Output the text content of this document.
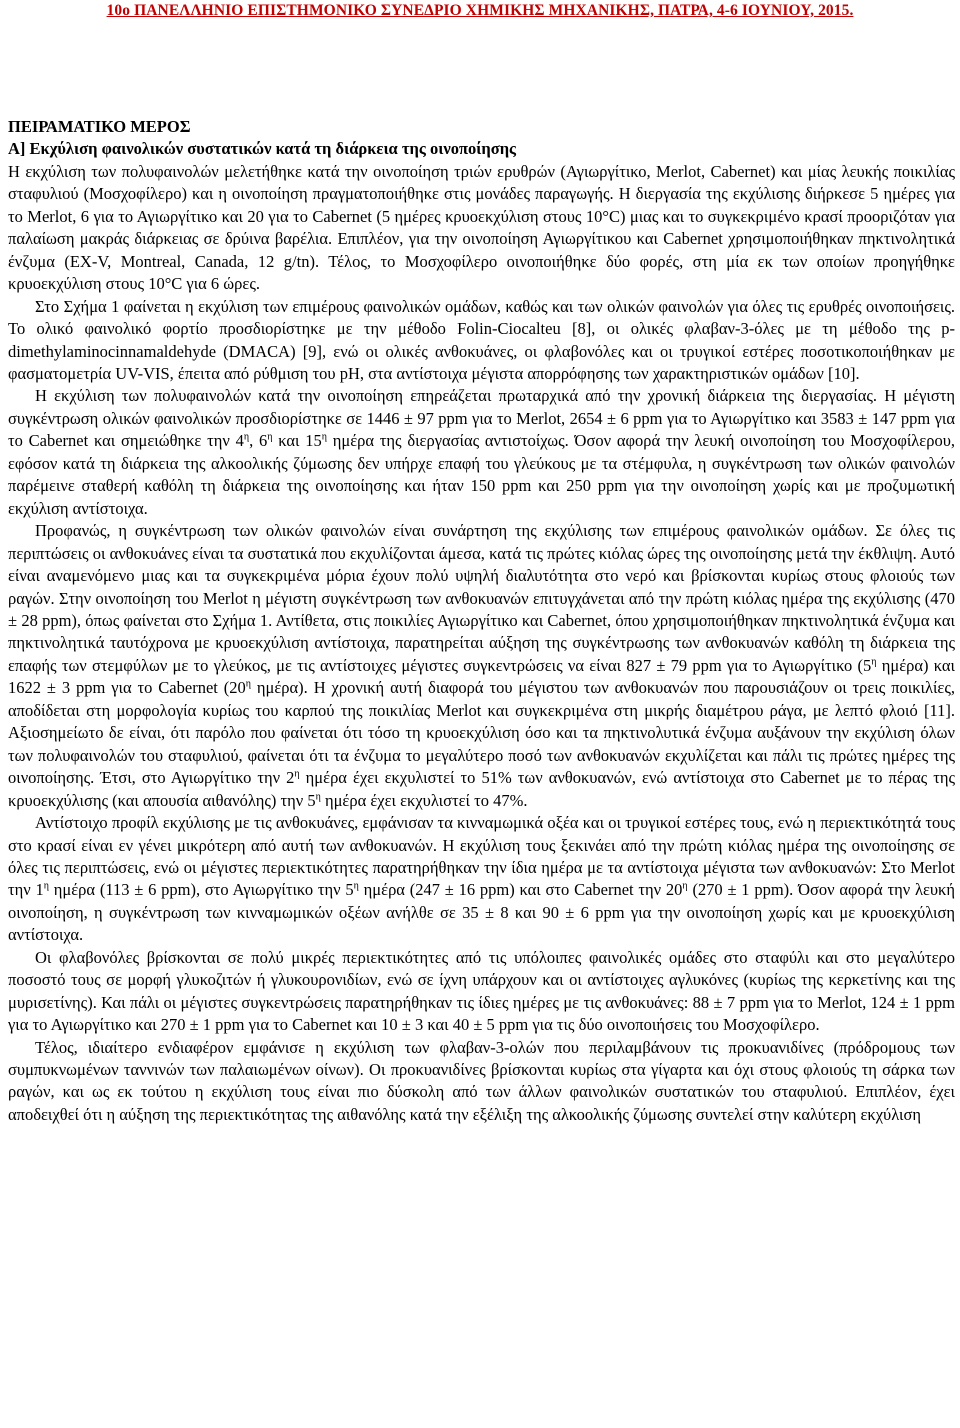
10ο ΠΑΝΕΛΛΗΝΙΟ ΕΠΙΣΤΗΜΟΝΙΚΟ ΣΥΝΕΔΡΙΟ ΧΗΜΙΚΗΣ ΜΗΧΑΝΙΚΗΣ, ΠΑΤΡΑ, 4-6 ΙΟΥΝΙΟΥ, 2015.
ΠΕΙΡΑΜΑΤΙΚΟ ΜΕΡΟΣ
Α] Εκχύλιση φαινολικών συστατικών κατά τη διάρκεια της οινοποίησης

Η εκχύλιση των πολυφαινολών μελετήθηκε κατά την οινοποίηση τριών ερυθρών (Αγιωργίτικο, Merlot, Cabernet) και μίας λευκής ποικιλίας σταφυλιού (Μοσχοφίλερο) και η οινοποίηση πραγματοποιήθηκε στις μονάδες παραγωγής. Η διεργασία της εκχύλισης διήρκεσε 5 ημέρες για το Merlot, 6 για το Αγιωργίτικο και 20 για το Cabernet (5 ημέρες κρυοεκχύλιση στους 10°C) μιας και το συγκεκριμένο κρασί προοριζόταν για παλαίωση μακράς διάρκειας σε δρύινα βαρέλια. Επιπλέον, για την οινοποίηση Αγιωργίτικου και Cabernet χρησιμοποιήθηκαν πηκτινολητικά ένζυμα (EX-V, Montreal, Canada, 12 g/tn). Τέλος, το Μοσχοφίλερο οινοποιήθηκε δύο φορές, στη μία εκ των οποίων προηγήθηκε κρυοεκχύλιση στους 10°C για 6 ώρες.

Στο Σχήμα 1 φαίνεται η εκχύλιση των επιμέρους φαινολικών ομάδων, καθώς και των ολικών φαινολών για όλες τις ερυθρές οινοποιήσεις. Το ολικό φαινολικό φορτίο προσδιορίστηκε με την μέθοδο Folin-Ciocalteu [8], οι ολικές φλαβαν-3-όλες με τη μέθοδο της p-dimethylaminocinnamaldehyde (DMACA) [9], ενώ οι ολικές ανθοκυάνες, οι φλαβονόλες και οι τρυγικοί εστέρες ποσοτικοποιήθηκαν με φασματομετρία UV-VIS, έπειτα από ρύθμιση του pH, στα αντίστοιχα μέγιστα απορρόφησης των χαρακτηριστικών ομάδων [10].

Η εκχύλιση των πολυφαινολών κατά την οινοποίηση επηρεάζεται πρωταρχικά από την χρονική διάρκεια της διεργασίας. Η μέγιστη συγκέντρωση ολικών φαινολικών προσδιορίστηκε σε 1446 ± 97 ppm για το Merlot, 2654 ± 6 ppm για το Αγιωργίτικο και 3583 ± 147 ppm για το Cabernet και σημειώθηκε την $4^\eta$, $6^\eta$ και $15^\eta$ ημέρα της διεργασίας αντιστοίχως. Όσον αφορά την λευκή οινοποίηση του Μοσχοφίλερου, εφόσον κατά τη διάρκεια της αλκοολικής ζύμωσης δεν υπήρχε επαφή του γλεύκους με τα στέμφυλα, η συγκέντρωση των ολικών φαινολών παρέμεινε σταθερή καθόλη τη διάρκεια της οινοποίησης και ήταν 150 ppm και 250 ppm για την οινοποίηση χωρίς και με προζυμωτική εκχύλιση αντίστοιχα.

Προφανώς, η συγκέντρωση των ολικών φαινολών είναι συνάρτηση της εκχύλισης των επιμέρους φαινολικών ομάδων. Σε όλες τις περιπτώσεις οι ανθοκυάνες είναι τα συστατικά που εκχυλίζονται άμεσα, κατά τις πρώτες κιόλας ώρες της οινοποίησης μετά την έκθλιψη. Αυτό είναι αναμενόμενο μιας και τα συγκεκριμένα μόρια έχουν πολύ υψηλή διαλυτότητα στο νερό και βρίσκονται κυρίως στους φλοιούς των ραγών. Στην οινοποίηση του Merlot η μέγιστη συγκέντρωση των ανθοκυανών επιτυγχάνεται από την πρώτη κιόλας ημέρα της εκχύλισης (470 ± 28 ppm), όπως φαίνεται στο Σχήμα 1. Αντίθετα, στις ποικιλίες Αγιωργίτικο και Cabernet, όπου χρησιμοποιήθηκαν πηκτινολητικά ένζυμα και πηκτινολητικά ταυτόχρονα με κρυοεκχύλιση αντίστοιχα, παρατηρείται αύξηση της συγκέντρωσης των ανθοκυανών καθόλη τη διάρκεια της επαφής των στεμφύλων με το γλεύκος, με τις αντίστοιχες μέγιστες συγκεντρώσεις να είναι 827 ± 79 ppm για το Αγιωργίτικο ($5^\eta$ ημέρα) και 1622 ± 3 ppm για το Cabernet ($20^\eta$ ημέρα). Η χρονική αυτή διαφορά του μέγιστου των ανθοκυανών που παρουσιάζουν οι τρεις ποικιλίες, αποδίδεται στη μορφολογία κυρίως του καρπού της ποικιλίας Merlot και συγκεκριμένα στη μικρής διαμέτρου ράγα, με λεπτό φλοιό [11]. Αξιοσημείωτο δε είναι, ότι παρόλο που φαίνεται ότι τόσο τη κρυοεκχύλιση όσο και τα πηκτινολυτικά ένζυμα αυξάνουν την εκχύλιση όλων των πολυφαινολών του σταφυλιού, φαίνεται ότι τα ένζυμα το μεγαλύτερο ποσό των ανθοκυανών εκχυλίζεται και πάλι τις πρώτες ημέρες της οινοποίησης. Έτσι, στο Αγιωργίτικο την $2^\eta$ ημέρα έχει εκχυλιστεί το 51% των ανθοκυανών, ενώ αντίστοιχα στο Cabernet με το πέρας της κρυοεκχύλισης (και απουσία αιθανόλης) την $5^\eta$ ημέρα έχει εκχυλιστεί το 47%.

Αντίστοιχο προφίλ εκχύλισης με τις ανθοκυάνες, εμφάνισαν τα κινναμωμικά οξέα και οι τρυγικοί εστέρες τους, ενώ η περιεκτικότητά τους στο κρασί είναι εν γένει μικρότερη από αυτή των ανθοκυανών. Η εκχύλιση τους ξεκινάει από την πρώτη κιόλας ημέρα της οινοποίησης σε όλες τις περιπτώσεις, ενώ οι μέγιστες περιεκτικότητες παρατηρήθηκαν την ίδια ημέρα με τα αντίστοιχα μέγιστα των ανθοκυανών: Στο Merlot την $1^\eta$ ημέρα (113 ± 6 ppm), στο Αγιωργίτικο την $5^\eta$ ημέρα (247 ± 16 ppm) και στο Cabernet την $20^\eta$ (270 ± 1 ppm). Όσον αφορά την λευκή οινοποίηση, η συγκέντρωση των κινναμωμικών οξέων ανήλθε σε 35 ± 8 και 90 ± 6 ppm για την οινοποίηση χωρίς και με κρυοεκχύλιση αντίστοιχα.

Οι φλαβονόλες βρίσκονται σε πολύ μικρές περιεκτικότητες από τις υπόλοιπες φαινολικές ομάδες στο σταφύλι και στο μεγαλύτερο ποσοστό τους σε μορφή γλυκοζιτών ή γλυκουρονιδίων, ενώ σε ίχνη υπάρχουν και οι αντίστοιχες αγλυκόνες (κυρίως της κερκετίνης και της μυρισετίνης). Και πάλι οι μέγιστες συγκεντρώσεις παρατηρήθηκαν τις ίδιες ημέρες με τις ανθοκυάνες: 88 ± 7 ppm για το Merlot, 124 ± 1 ppm για το Αγιωργίτικο και 270 ± 1 ppm για το Cabernet και 10 ± 3 και 40 ± 5 ppm για τις δύο οινοποιήσεις του Μοσχοφίλερο.

Τέλος, ιδιαίτερο ενδιαφέρον εμφάνισε η εκχύλιση των φλαβαν-3-ολών που περιλαμβάνουν τις προκυανιδίνες (πρόδρομους των συμπυκνωμένων ταννινών των παλαιωμένων οίνων). Οι προκυανιδίνες βρίσκονται κυρίως στα γίγαρτα και όχι στους φλοιούς τη σάρκα των ραγών, και ως εκ τούτου η εκχύλιση τους είναι πιο δύσκολη από των άλλων φαινολικών συστατικών του σταφυλιού. Επιπλέον, έχει αποδειχθεί ότι η αύξηση της περιεκτικότητας της αιθανόλης κατά την εξέλιξη της αλκοολικής ζύμωσης συντελεί στην καλύτερη εκχύλιση
